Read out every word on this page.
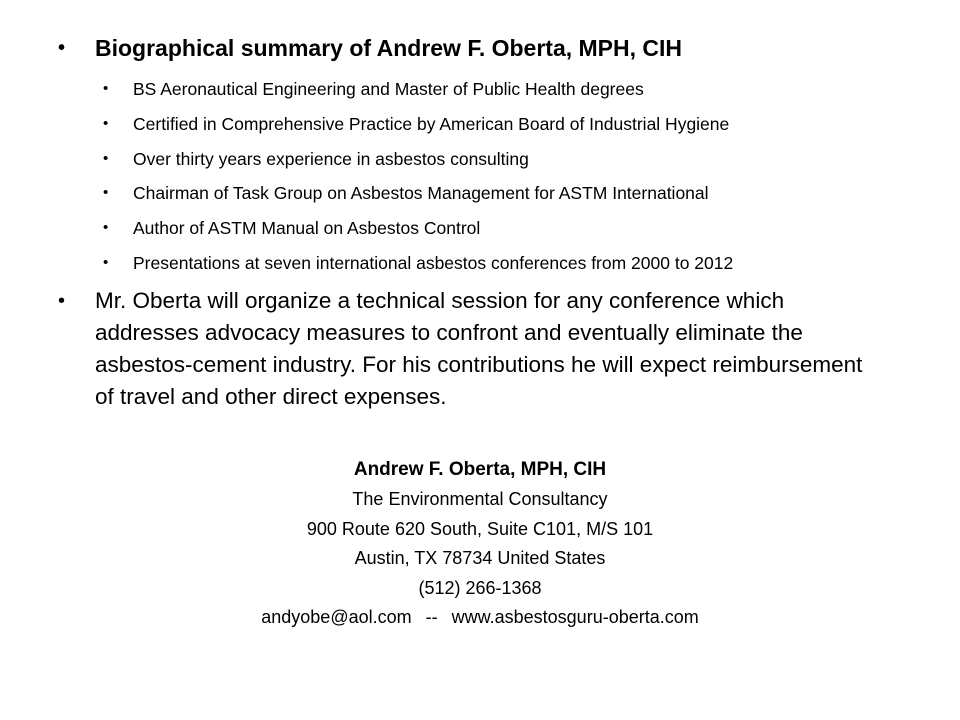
• Biographical summary of Andrew F. Oberta, MPH, CIH
• BS Aeronautical Engineering and Master of Public Health degrees
• Certified in Comprehensive Practice by American Board of Industrial Hygiene
• Over thirty years experience in asbestos consulting
• Chairman of Task Group on Asbestos Management for ASTM International
• Author of ASTM Manual on Asbestos Control
• Presentations at seven international asbestos conferences from 2000 to 2012
• Mr. Oberta will organize a technical session for any conference which addresses advocacy measures to confront and eventually eliminate the asbestos-cement industry. For his contributions he will expect reimbursement of travel and other direct expenses.
Andrew F. Oberta, MPH, CIH
The Environmental Consultancy
900 Route 620 South, Suite C101, M/S 101
Austin, TX 78734 United States
(512) 266-1368
andyobe@aol.com -- www.asbestosguru-oberta.com
